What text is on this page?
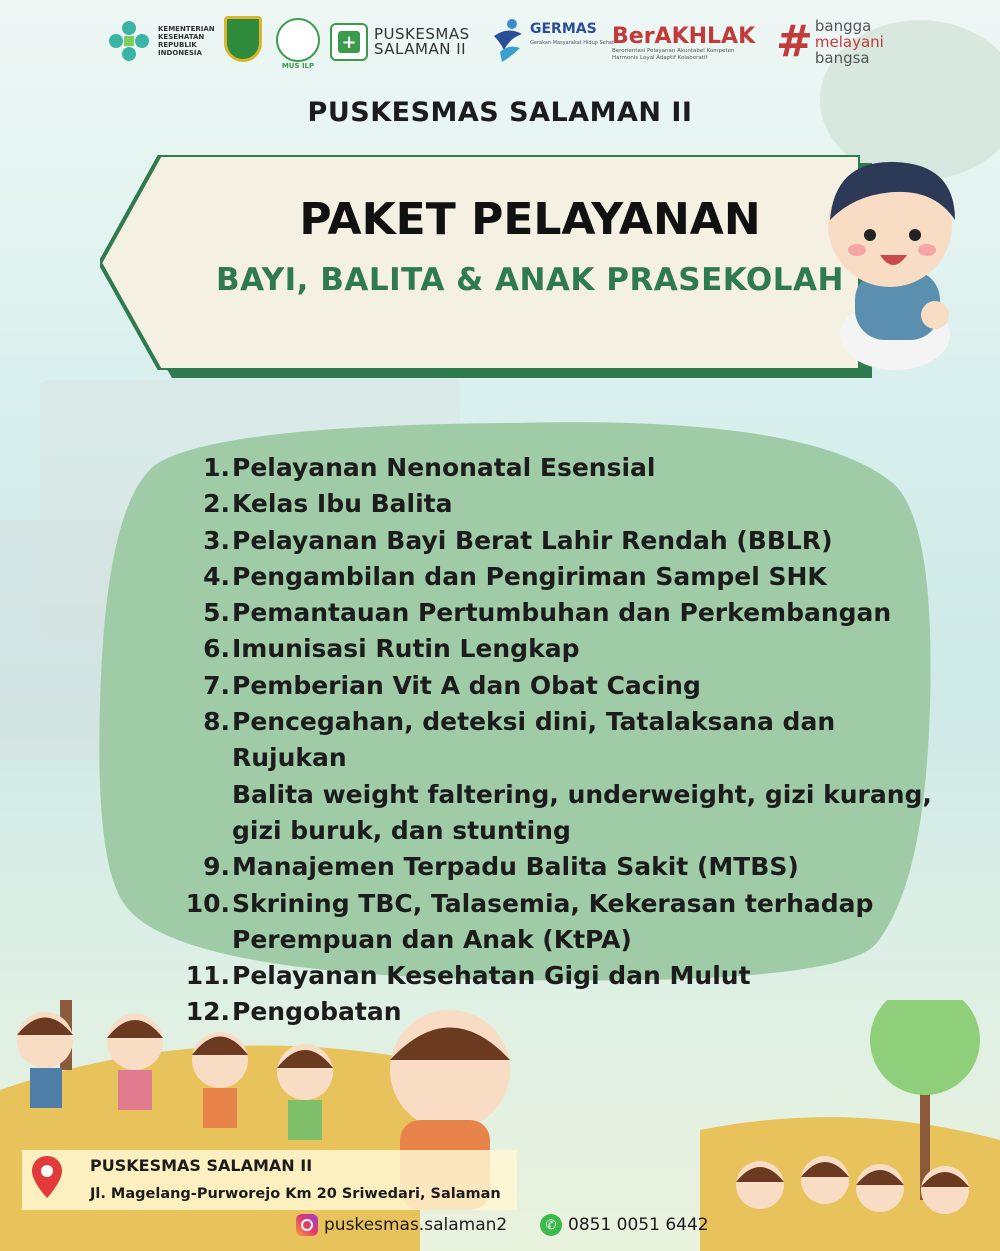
KEMENTERIAN
KESEHATAN
REPUBLIK
INDONESIA
MUS ILP
+ PUSKESMAS
SALAMAN II
GERMAS
Gerakan Masyarakat Hidup Sehat
BerAKHLAK
Berorientasi Pelayanan Akuntabel Kompeten
Harmonis Loyal Adaptif Kolaboratif # bangga
melayani
bangsa
PUSKESMAS SALAMAN II
PAKET PELAYANAN
BAYI, BALITA & ANAK PRASEKOLAH
1. Pelayanan Nenonatal Esensial
2. Kelas Ibu Balita
3. Pelayanan Bayi Berat Lahir Rendah (BBLR)
4. Pengambilan dan Pengiriman Sampel SHK
5. Pemantauan Pertumbuhan dan Perkembangan
6. Imunisasi Rutin Lengkap
7. Pemberian Vit A dan Obat Cacing
8. Pencegahan, deteksi dini, Tatalaksana dan Rujukan
Balita weight faltering, underweight, gizi kurang,
gizi buruk, dan stunting
9. Manajemen Terpadu Balita Sakit (MTBS)
10. Skrining TBC, Talasemia, Kekerasan terhadap
Perempuan dan Anak (KtPA)
11. Pelayanan Kesehatan Gigi dan Mulut
12. Pengobatan
PUSKESMAS SALAMAN II
Jl. Magelang-Purworejo Km 20 Sriwedari, Salaman
puskesmas.salaman2	✆ 0851 0051 6442
